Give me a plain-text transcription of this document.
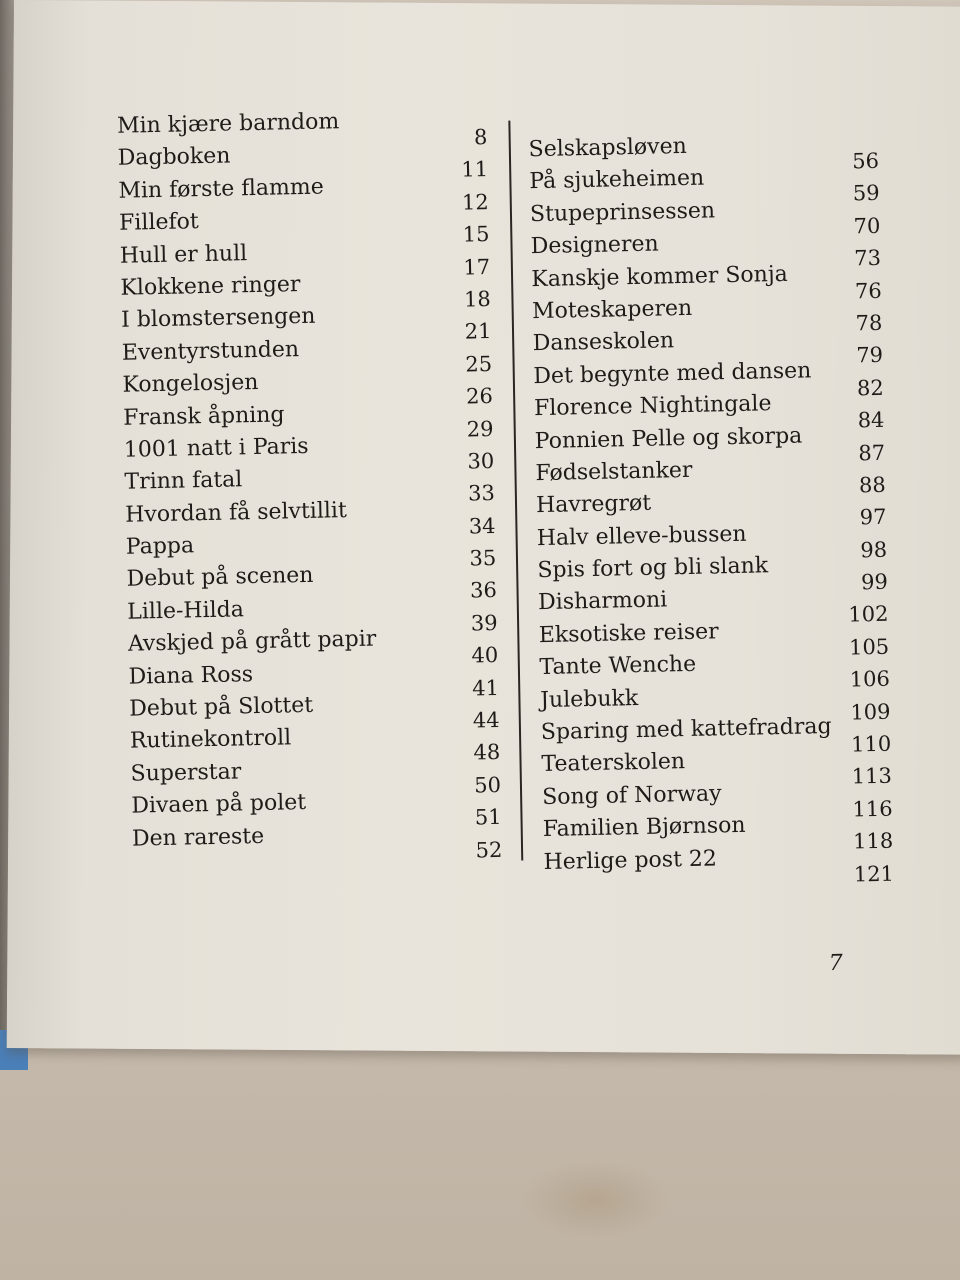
Min kjære barndom	8
Dagboken	11
Min første flamme	12
Fillefot	15
Hull er hull	17
Klokkene ringer	18
I blomstersengen	21
Eventyrstunden	25
Kongelosjen	26
Fransk åpning	29
1001 natt i Paris	30
Trinn fatal	33
Hvordan få selvtillit	34
Pappa	35
Debut på scenen	36
Lille-Hilda	39
Avskjed på grått papir	40
Diana Ross	41
Debut på Slottet	44
Rutinekontroll	48
Superstar	50
Divaen på polet	51
Den rareste	52
Selskapsløven	56
På sjukeheimen	59
Stupeprinsessen	70
Designeren	73
Kanskje kommer Sonja	76
Moteskaperen	78
Danseskolen	79
Det begynte med dansen 82
Florence Nightingale	84
Ponnien Pelle og skorpa	87
Fødselstanker	88
Havregrøt	97
Halv elleve-bussen	98
Spis fort og bli slank	99
Disharmoni	102
Eksotiske reiser	105
Tante Wenche	106
Julebukk	109
Sparing med kattefradrag 110
Teaterskolen	113
Song of Norway	116
Familien Bjørnson	118
Herlige post 22	121
7
